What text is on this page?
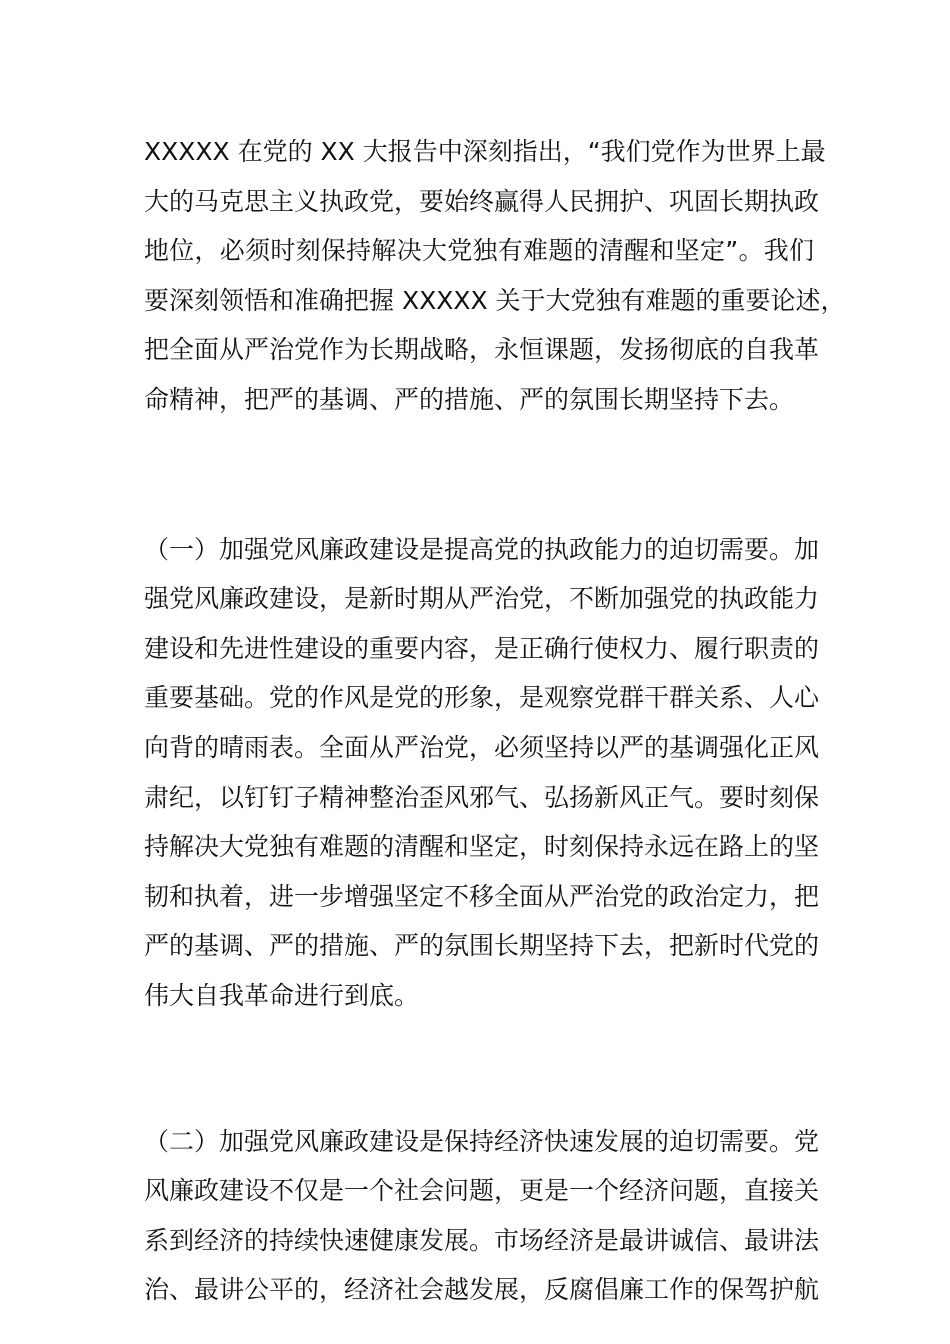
XXXXX 在党的 XX 大报告中深刻指出，“我们党作为世界上最
大的马克思主义执政党，要始终赢得人民拥护、巩固长期执政
地位，必须时刻保持解决大党独有难题的清醒和坚定”。我们
要深刻领悟和准确把握 XXXXX 关于大党独有难题的重要论述，
把全面从严治党作为长期战略，永恒课题，发扬彻底的自我革
命精神，把严的基调、严的措施、严的氛围长期坚持下去。
（一）加强党风廉政建设是提高党的执政能力的迫切需要。加
强党风廉政建设，是新时期从严治党，不断加强党的执政能力
建设和先进性建设的重要内容，是正确行使权力、履行职责的
重要基础。党的作风是党的形象，是观察党群干群关系、人心
向背的晴雨表。全面从严治党，必须坚持以严的基调强化正风
肃纪，以钉钉子精神整治歪风邪气、弘扬新风正气。要时刻保
持解决大党独有难题的清醒和坚定，时刻保持永远在路上的坚
韧和执着，进一步增强坚定不移全面从严治党的政治定力，把
严的基调、严的措施、严的氛围长期坚持下去，把新时代党的
伟大自我革命进行到底。
（二）加强党风廉政建设是保持经济快速发展的迫切需要。党
风廉政建设不仅是一个社会问题，更是一个经济问题，直接关
系到经济的持续快速健康发展。市场经济是最讲诚信、最讲法
治、最讲公平的，经济社会越发展，反腐倡廉工作的保驾护航
